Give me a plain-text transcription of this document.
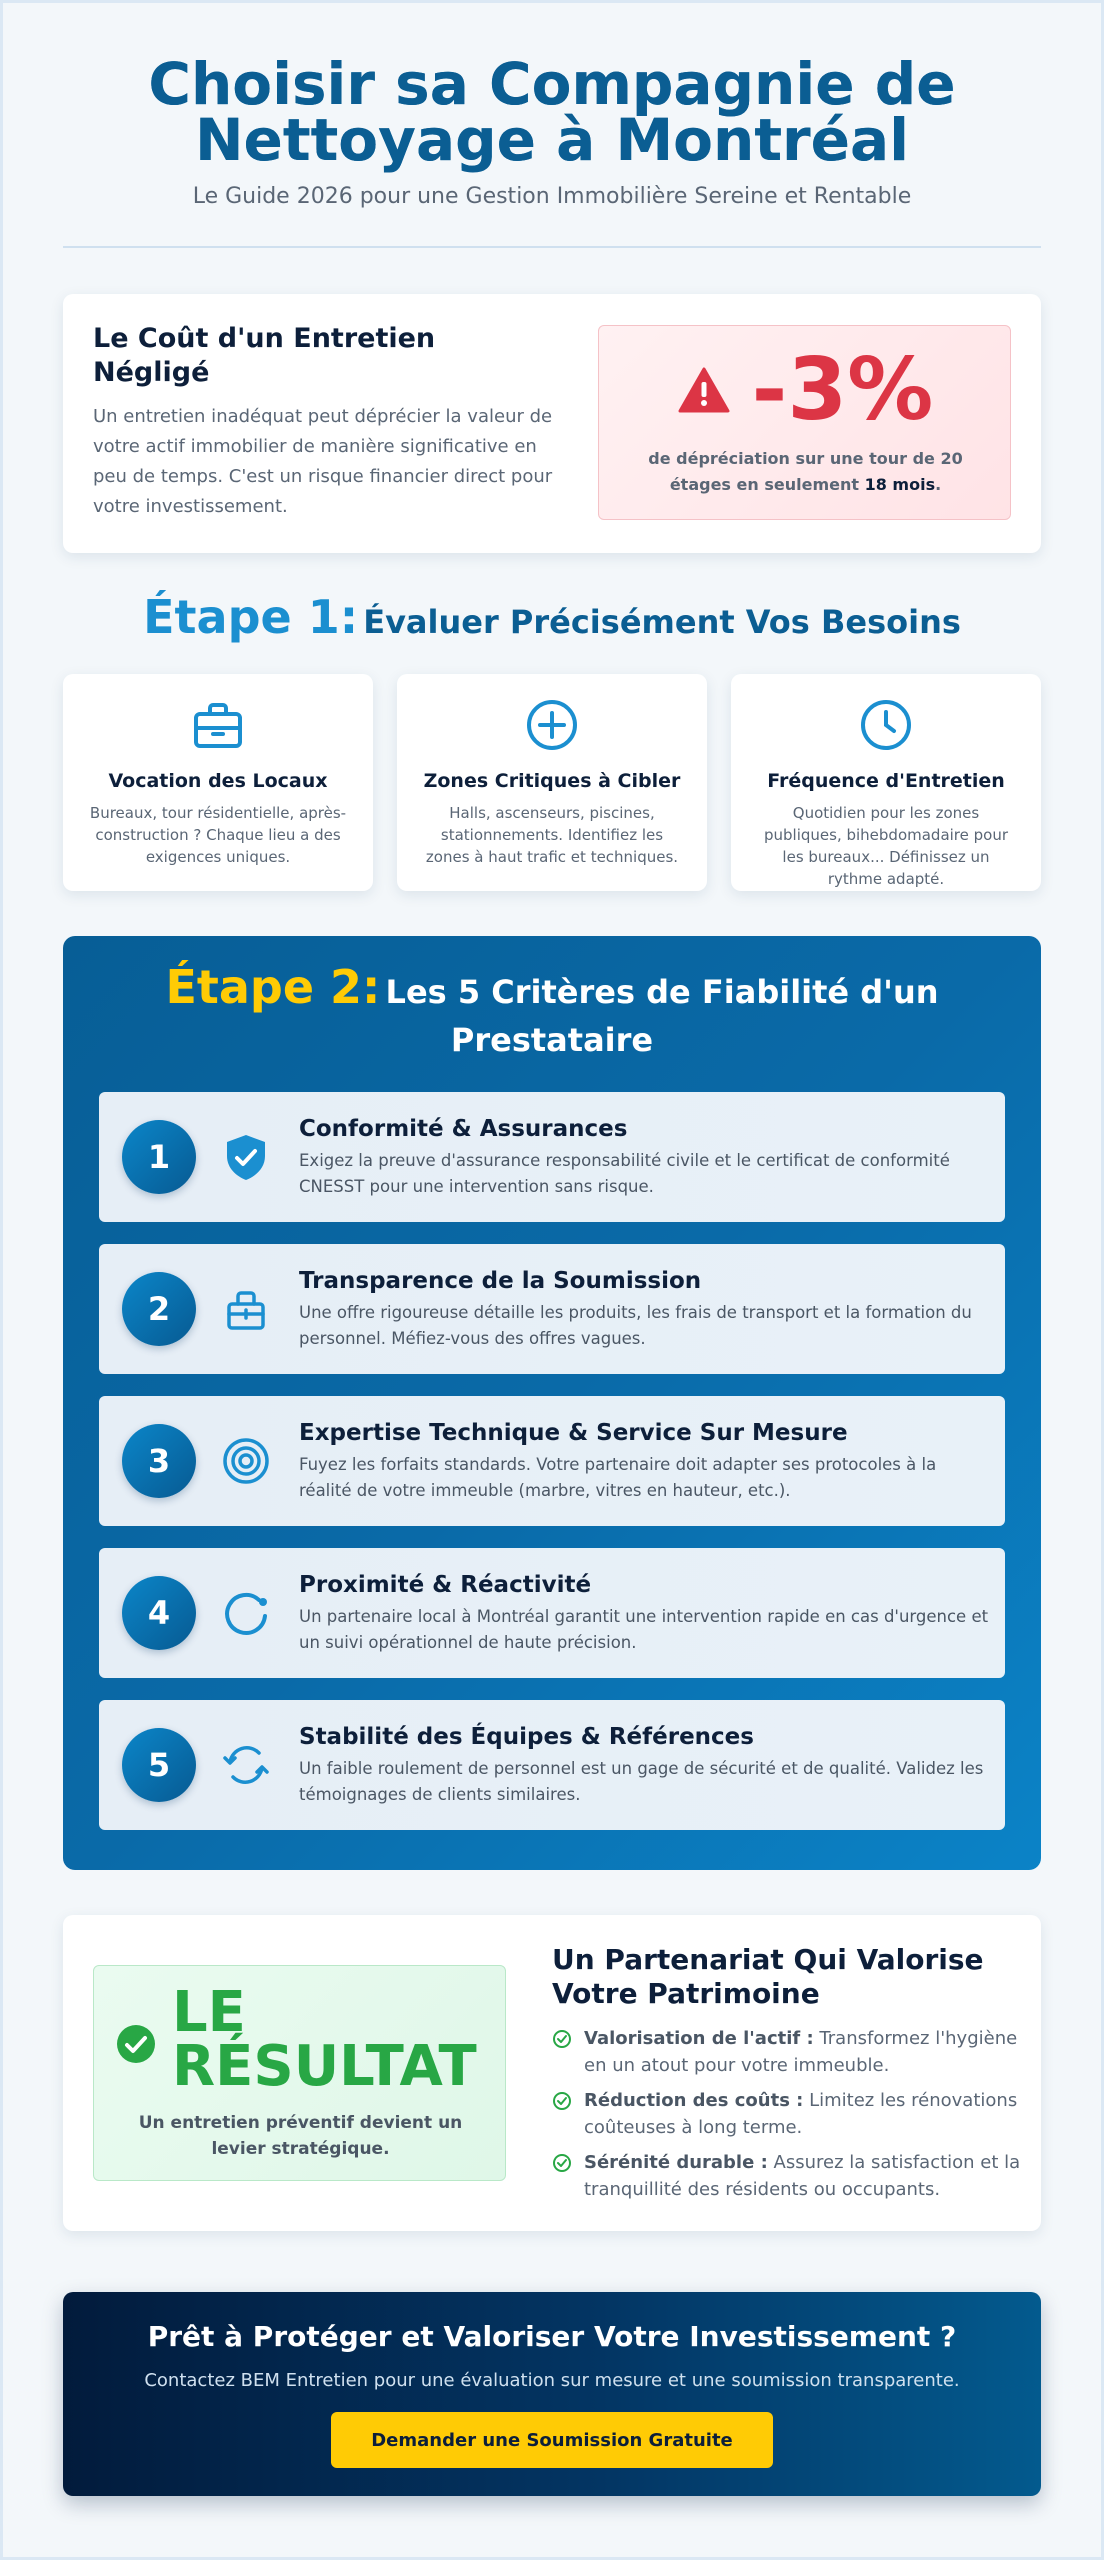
Choisir sa Compagnie de
Nettoyage à Montréal
Le Guide 2026 pour une Gestion Immobilière Sereine et Rentable
Le Coût d'un Entretien Négligé

Un entretien inadéquat peut déprécier la valeur de votre actif immobilier de manière significative en peu de temps. C'est un risque financier direct pour votre investissement.

-3%
de dépréciation sur une tour de 20 étages en seulement 18 mois.
Étape 1: Évaluer Précisément Vos Besoins
Vocation des Locaux

Bureaux, tour résidentielle, après-construction ? Chaque lieu a des exigences uniques.

Zones Critiques à Cibler

Halls, ascenseurs, piscines, stationnements. Identifiez les zones à haut trafic et techniques.

Fréquence d'Entretien

Quotidien pour les zones publiques, bihebdomadaire pour les bureaux... Définissez un rythme adapté.

Étape 2: Les 5 Critères de Fiabilité d'un Prestataire
1
Conformité & Assurances

Exigez la preuve d'assurance responsabilité civile et le certificat de conformité CNESST pour une intervention sans risque.

2
Transparence de la Soumission

Une offre rigoureuse détaille les produits, les frais de transport et la formation du personnel. Méfiez-vous des offres vagues.

3
Expertise Technique & Service Sur Mesure

Fuyez les forfaits standards. Votre partenaire doit adapter ses protocoles à la réalité de votre immeuble (marbre, vitres en hauteur, etc.).

4
Proximité & Réactivité

Un partenaire local à Montréal garantit une intervention rapide en cas d'urgence et un suivi opérationnel de haute précision.

5
Stabilité des Équipes & Références

Un faible roulement de personnel est un gage de sécurité et de qualité. Validez les témoignages de clients similaires.

LE
RÉSULTAT
Un entretien préventif devient un levier stratégique.
Un Partenariat Qui Valorise Votre Patrimoine
Valorisation de l'actif : Transformez l'hygiène en un atout pour votre immeuble.
Réduction des coûts : Limitez les rénovations coûteuses à long terme.
Sérénité durable : Assurez la satisfaction et la tranquillité des résidents ou occupants.
Prêt à Protéger et Valoriser Votre Investissement ?

Contactez BEM Entretien pour une évaluation sur mesure et une soumission transparente.

Demander une Soumission Gratuite
